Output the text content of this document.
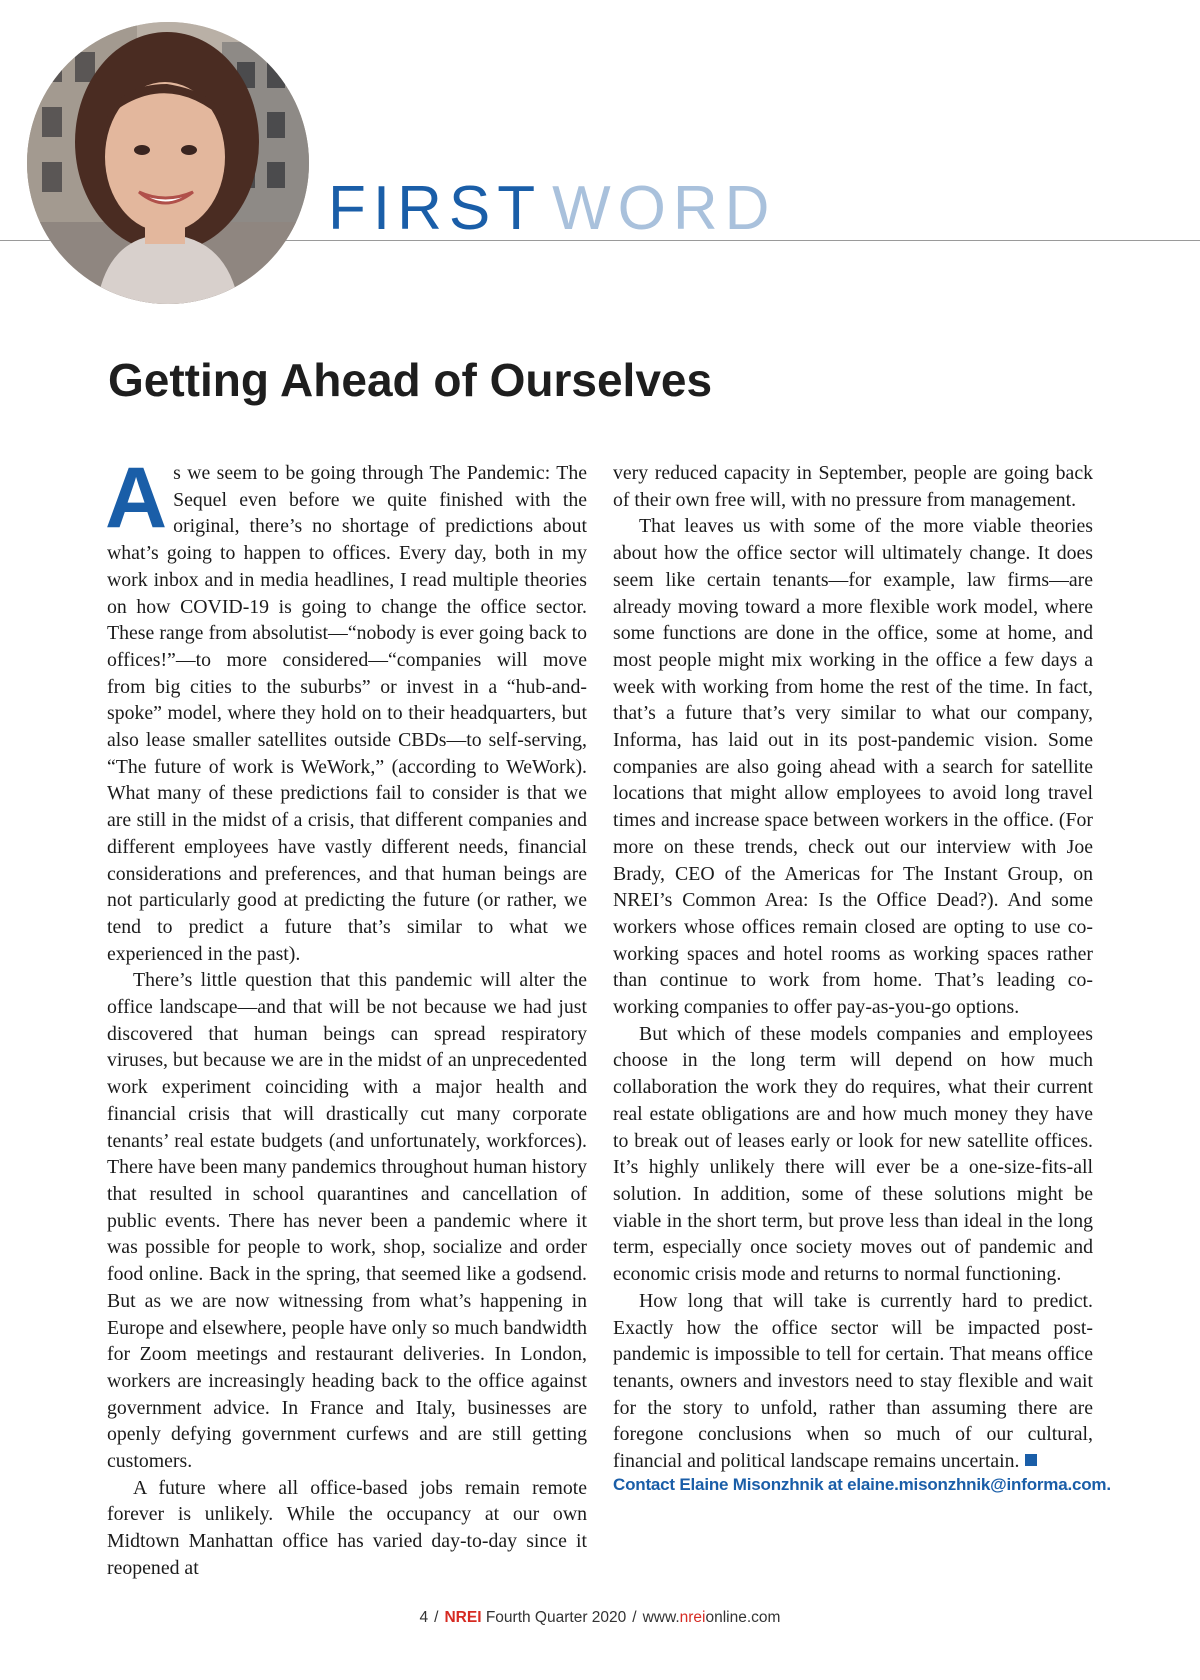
FIRST WORD
Getting Ahead of Ourselves

As we seem to be going through The Pandemic: The Sequel even before we quite finished with the original, there’s no shortage of predictions about what’s going to happen to offices. Every day, both in my work inbox and in media headlines, I read multiple theories on how COVID-19 is going to change the office sector. These range from absolutist—“nobody is ever going back to offices!”—to more considered—“companies will move from big cities to the suburbs” or invest in a “hub-and-spoke” model, where they hold on to their headquarters, but also lease smaller satellites outside CBDs—to self-serving, “The future of work is WeWork,” (according to WeWork). What many of these predictions fail to consider is that we are still in the midst of a crisis, that different companies and different employees have vastly different needs, financial considerations and preferences, and that human beings are not particularly good at predicting the future (or rather, we tend to predict a future that’s similar to what we experienced in the past).

There’s little question that this pandemic will alter the office landscape—and that will be not because we had just discovered that human beings can spread respiratory viruses, but because we are in the midst of an unprecedented work experiment coinciding with a major health and financial crisis that will drastically cut many corporate tenants’ real estate budgets (and unfortunately, workforces). There have been many pandemics throughout human history that resulted in school quarantines and cancellation of public events. There has never been a pandemic where it was possible for people to work, shop, socialize and order food online. Back in the spring, that seemed like a godsend. But as we are now witnessing from what’s happening in Europe and elsewhere, people have only so much bandwidth for Zoom meetings and restaurant deliveries. In London, workers are increasingly heading back to the office against government advice. In France and Italy, businesses are openly defying government curfews and are still getting customers.

A future where all office-based jobs remain remote forever is unlikely. While the occupancy at our own Midtown Manhattan office has varied day-to-day since it reopened at

very reduced capacity in September, people are going back of their own free will, with no pressure from management.

That leaves us with some of the more viable theories about how the office sector will ultimately change. It does seem like certain tenants—for example, law firms—are already moving toward a more flexible work model, where some functions are done in the office, some at home, and most people might mix working in the office a few days a week with working from home the rest of the time. In fact, that’s a future that’s very similar to what our company, Informa, has laid out in its post-pandemic vision. Some companies are also going ahead with a search for satellite locations that might allow employees to avoid long travel times and increase space between workers in the office. (For more on these trends, check out our interview with Joe Brady, CEO of the Americas for The Instant Group, on NREI’s Common Area: Is the Office Dead?). And some workers whose offices remain closed are opting to use co-working spaces and hotel rooms as working spaces rather than continue to work from home. That’s leading co-working companies to offer pay-as-you-go options.

But which of these models companies and employees choose in the long term will depend on how much collaboration the work they do requires, what their current real estate obligations are and how much money they have to break out of leases early or look for new satellite offices. It’s highly unlikely there will ever be a one-size-fits-all solution. In addition, some of these solutions might be viable in the short term, but prove less than ideal in the long term, especially once society moves out of pandemic and economic crisis mode and returns to normal functioning.

How long that will take is currently hard to predict. Exactly how the office sector will be impacted post-pandemic is impossible to tell for certain. That means office tenants, owners and investors need to stay flexible and wait for the story to unfold, rather than assuming there are foregone conclusions when so much of our cultural, financial and political landscape remains uncertain.

Contact Elaine Misonzhnik at elaine.misonzhnik@informa.com.
4 / NREI Fourth Quarter 2020 / www.nreionline.com
